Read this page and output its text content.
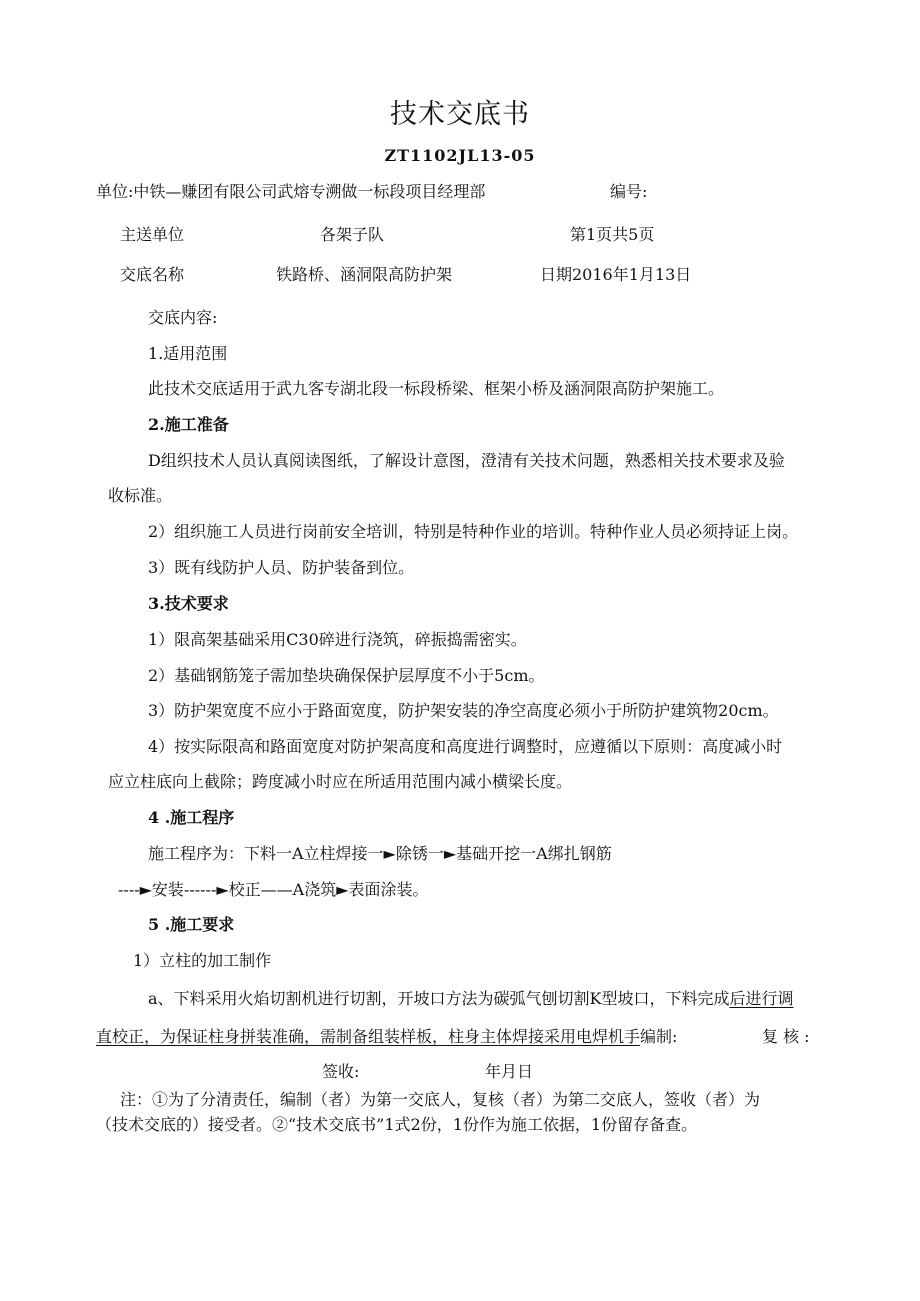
技术交底书
ZT1102JL13-05
单位:中铁—赚团有限公司武熔专溯做一标段项目经理部	编号:
主送单位	各架子队	第1页共5页
交底名称	铁路桥、涵洞限高防护架	日期2016年1月13日
交底内容:
1.适用范围
此技术交底适用于武九客专湖北段一标段桥梁、框架小桥及涵洞限高防护架施工。
2.施工准备
D组织技术人员认真阅读图纸，了解设计意图，澄清有关技术问题，熟悉相关技术要求及验
收标准。
2）组织施工人员进行岗前安全培训，特别是特种作业的培训。特种作业人员必须持证上岗。
3）既有线防护人员、防护装备到位。
3.技术要求
1）限高架基础采用C30碎进行浇筑，碎振捣需密实。
2）基础钢筋笼子需加垫块确保保护层厚度不小于5cm。
3）防护架宽度不应小于路面宽度，防护架安装的净空高度必须小于所防护建筑物20cm。
4）按实际限高和路面宽度对防护架高度和高度进行调整时，应遵循以下原则：高度减小时
应立柱底向上截除；跨度减小时应在所适用范围内减小横梁长度。
4 .施工程序
施工程序为：下料一A立柱焊接一►除锈一►基础开挖一A绑扎钢筋
----►安装------►校正——A浇筑►表面涂装。
5 .施工要求
1）立柱的加工制作
a、下料采用火焰切割机进行切割，开坡口方法为碳弧气刨切割K型坡口，下料完成后进行调
直校正，为保证柱身拼装准确，需制备组装样板，柱身主体焊接采用电焊机手编制:	复 核 :
签收:	年月日
注：①为了分清责任，编制（者）为第一交底人，复核（者）为第二交底人，签收（者）为
（技术交底的）接受者。②“技术交底书”1式2份，1份作为施工依据，1份留存备查。
